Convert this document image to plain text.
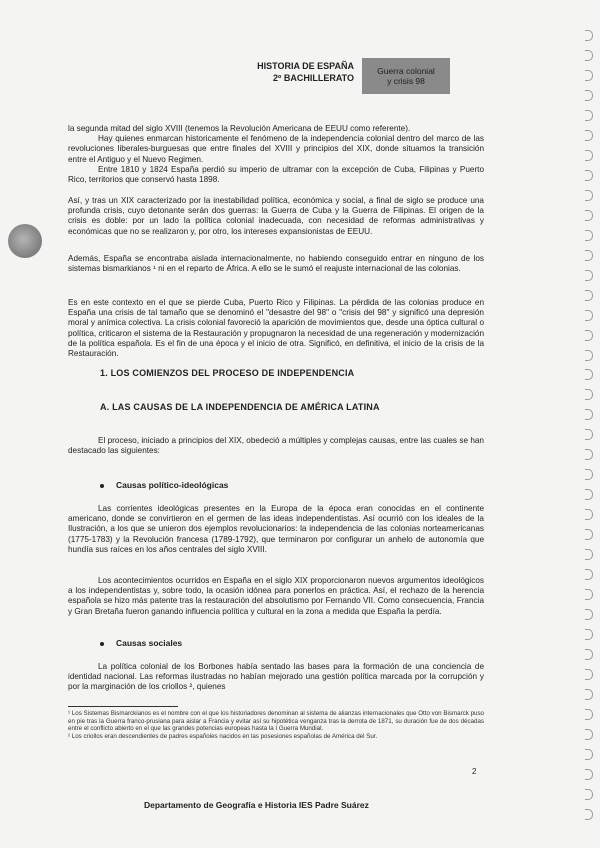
HISTORIA DE ESPAÑA
2º BACHILLERATO
Guerra colonial
y crisis 98

la segunda mitad del siglo XVIII (tenemos la Revolución Americana de EEUU como referente).

Hay quienes enmarcan historicamente el fenómeno de la independencia colonial dentro del marco de las revoluciones liberales-burguesas que entre finales del XVIII y principios del XIX, donde situamos la transición entre el Antiguo y el Nuevo Regimen.

Entre 1810 y 1824 España perdió su imperio de ultramar con la excepción de Cuba, Filipinas y Puerto Rico, territorios que conservó hasta 1898.

Así, y tras un XIX caracterizado por la inestabilidad política, económica y social, a final de siglo se produce una profunda crisis, cuyo detonante serán dos guerras: la Guerra de Cuba y la Guerra de Filipinas. El origen de la crisis es doble: por un lado la política colonial inadecuada, con necesidad de reformas administrativas y económicas que no se realizaron y, por otro, los intereses expansionistas de EEUU.
Además, España se encontraba aislada internacionalmente, no habiendo conseguido entrar en ninguno de los sistemas bismarkianos ¹ ni en el reparto de África. A ello se le sumó el reajuste internacional de las colonias.
Es en este contexto en el que se pierde Cuba, Puerto Rico y Filipinas. La pérdida de las colonias produce en España una crisis de tal tamaño que se denominó el "desastre del 98" o "crisis del 98" y significó una depresión moral y anímica colectiva. La crisis colonial favoreció la aparición de movimientos que, desde una óptica cultural o política, criticaron el sistema de la Restauración y propugnaron la necesidad de una regeneración y modernización de la política española. Es el fin de una época y el inicio de otra. Significó, en definitiva, el inicio de la crisis de la Restauración.
1. LOS COMIENZOS DEL PROCESO DE INDEPENDENCIA
A. LAS CAUSAS DE LA INDEPENDENCIA DE AMÉRICA LATINA
El proceso, iniciado a principios del XIX, obedeció a múltiples y complejas causas, entre las cuales se han destacado las siguientes:
Causas político-ideológicas
Las corrientes ideológicas presentes en la Europa de la época eran conocidas en el continente americano, donde se convirtieron en el germen de las ideas independentistas. Así ocurrió con los ideales de la Ilustración, a los que se unieron dos ejemplos revolucionarios: la independencia de las colonias norteamericanas (1775-1783) y la Revolución francesa (1789-1792), que terminaron por configurar un anhelo de autonomía que hundía sus raíces en los años centrales del siglo XVIII.
Los acontecimientos ocurridos en España en el siglo XIX proporcionaron nuevos argumentos ideológicos a los independentistas y, sobre todo, la ocasión idónea para ponerlos en práctica. Así, el rechazo de la herencia española se hizo más patente tras la restauración del absolutismo por Fernando VII. Como consecuencia, Francia y Gran Bretaña fueron ganando influencia política y cultural en la zona a medida que España la perdía.
Causas sociales
La política colonial de los Borbones había sentado las bases para la formación de una conciencia de identidad nacional. Las reformas ilustradas no habían mejorado una gestión política marcada por la corrupción y por la marginación de los criollos ², quienes

¹ Los Sistemas Bismarckianos es el nombre con el que los historiadores denominan al sistema de alianzas internacionales que Otto von Bismarck puso en pie tras la Guerra franco-prusiana para aislar a Francia y evitar así su hipotética venganza tras la derrota de 1871, su duración fue de dos décadas entre el conflicto abierto en el que las grandes potencias europeas hasta la I Guerra Mundial.

² Los criollos eran descendientes de padres españoles nacidos en las posesiones españolas de América del Sur.

2
Departamento de Geografía e Historia IES Padre Suárez
